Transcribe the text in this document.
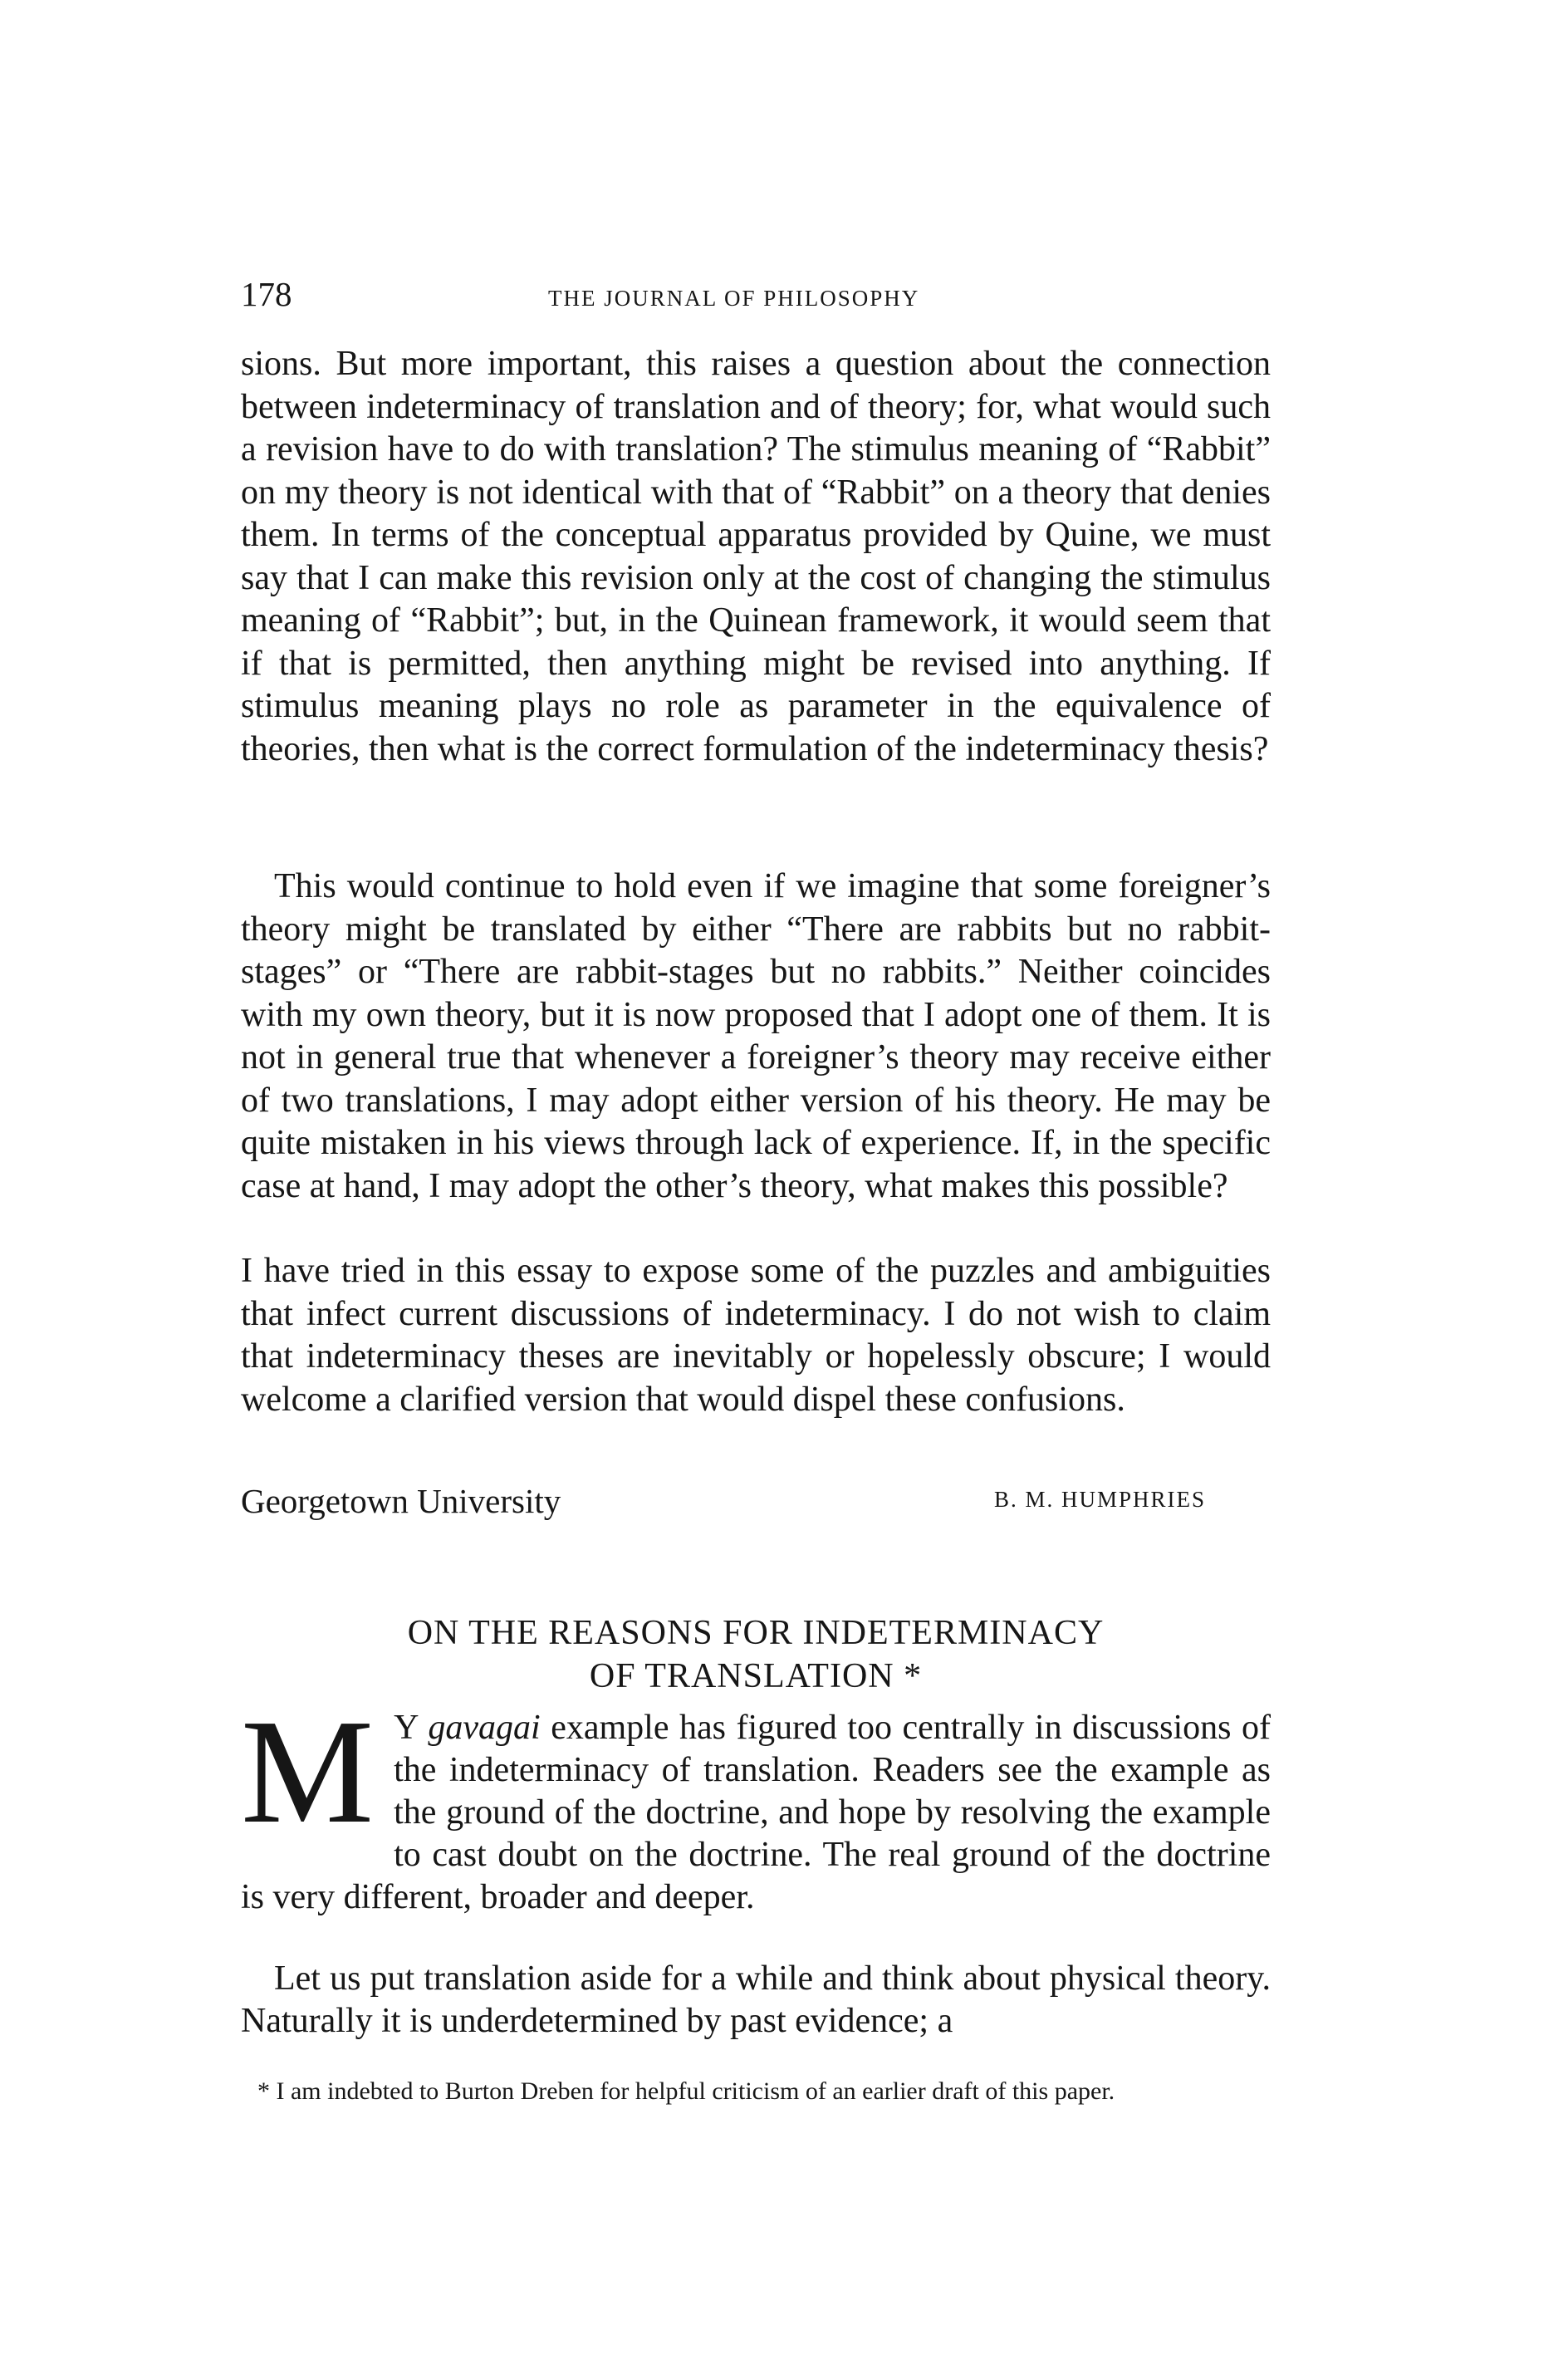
178	THE JOURNAL OF PHILOSOPHY

sions. But more important, this raises a question about the connection between indeterminacy of translation and of theory; for, what would such a revision have to do with translation? The stimulus meaning of “Rabbit” on my theory is not identical with that of “Rabbit” on a theory that denies them. In terms of the conceptual apparatus provided by Quine, we must say that I can make this revision only at the cost of changing the stimulus meaning of “Rabbit”; but, in the Quinean framework, it would seem that if that is permitted, then anything might be revised into anything. If stimulus meaning plays no role as parameter in the equivalence of theories, then what is the correct formulation of the indeterminacy thesis?

This would continue to hold even if we imagine that some foreigner’s theory might be translated by either “There are rabbits but no rabbit-stages” or “There are rabbit-stages but no rabbits.” Neither coincides with my own theory, but it is now proposed that I adopt one of them. It is not in general true that whenever a foreigner’s theory may receive either of two translations, I may adopt either version of his theory. He may be quite mistaken in his views through lack of experience. If, in the specific case at hand, I may adopt the other’s theory, what makes this possible?

I have tried in this essay to expose some of the puzzles and ambiguities that infect current discussions of indeterminacy. I do not wish to claim that indeterminacy theses are inevitably or hopelessly obscure; I would welcome a clarified version that would dispel these confusions.

Georgetown University	B. M. HUMPHRIES
ON THE REASONS FOR INDETERMINACY
OF TRANSLATION *
M Y gavagai example has figured too centrally in discussions of the indeterminacy of translation. Readers see the example as the ground of the doctrine, and hope by resolving the example to cast doubt on the doctrine. The real ground of the doctrine is very different, broader and deeper.

Let us put translation aside for a while and think about physical theory. Naturally it is underdetermined by past evidence; a

* I am indebted to Burton Dreben for helpful criticism of an earlier draft of this paper.
